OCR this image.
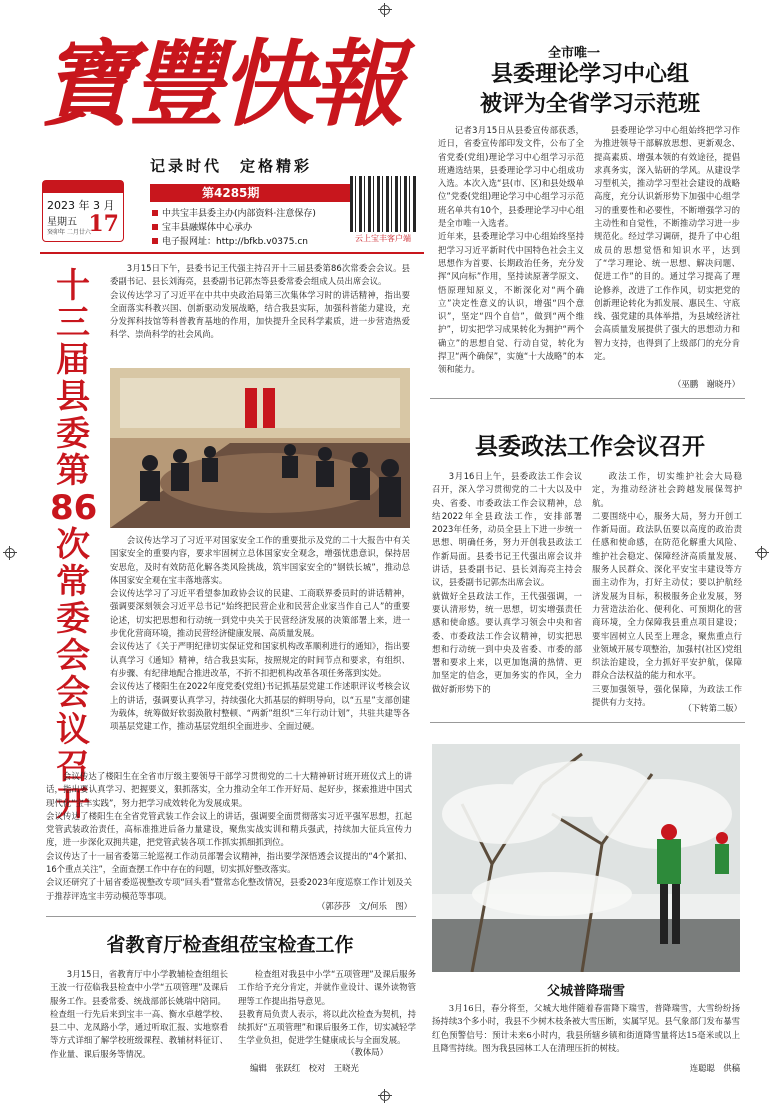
寶豐快報
记录时代　定格精彩
2023 年 3 月
星期五
癸卯年 二月廿六
17
第4285期
中共宝丰县委主办(内部资料·注意保存)
宝丰县融媒体中心承办
电子报网址：http://bfkb.v0375.cn	云上宝丰客户端
全市唯一
县委理论学习中心组
被评为全省学习示范班
记者3月15日从县委宣传部获悉，近日，省委宣传部印发文件，公布了全省党委(党组)理论学习中心组学习示范班遴选结果，县委理论学习中心组成功入选。本次入选“县(市、区)和县处级单位”党委(党组)理论学习中心组学习示范班名单共有10个，县委理论学习中心组是全市唯一入选者。
近年来，县委理论学习中心组始终坚持把学习习近平新时代中国特色社会主义思想作为首要、长期政治任务，充分发挥“风向标”作用，坚持读原著学原文、悟原理知原义，不断深化对“两个确立”决定性意义的认识，增强“四个意识”，坚定“四个自信”，做到“两个维护”，切实把学习成果转化为拥护“两个确立”的思想自觉、行动自觉，转化为捍卫“两个确保”，实施“十大战略”的本领和能力。
县委理论学习中心组始终把学习作为推进领导干部解放思想、更新观念、提高素质、增强本领的有效途径，提倡求真务实，深入钻研的学风。从建设学习型机关，推动学习型社会建设的战略高度，充分认识新形势下加强中心组学习的重要性和必要性，不断增强学习的主动性和自觉性，不断推动学习进一步规范化。经过学习调研，提升了中心组成员的思想觉悟和知识水平，达到了“学习理论、统一思想、解决问题、促进工作”的目的。通过学习提高了理论修养，改进了工作作风，切实把党的创新理论转化为抓发展、惠民生、守底线、强党建的具体举措，为县域经济社会高质量发展提供了强大的思想动力和智力支持，也得到了上级部门的充分肯定。
（巫鹏　谢晓丹）
十三届县委第86次常委会会议召开
3月15日下午，县委书记王代强主持召开十三届县委第86次常委会会议。县委副书记、县长刘海亮，县委副书记郭杰等县委常委会组成人员出席会议。
会议传达学习了习近平在中共中央政治局第三次集体学习时的讲话精神，指出要全面落实科教兴国、创新驱动发展战略，结合我县实际，加强科普能力建设，充分发挥科技馆等科普教育基地的作用，加快提升全民科学素质，进一步营造热爱科学、崇尚科学的社会风尚。
会议传达学习了习近平对国家安全工作的重要批示及党的二十大报告中有关国家安全的重要内容，要求牢固树立总体国家安全观念，增强忧患意识，保持居安思危，及时有效防范化解各类风险挑战，筑牢国家安全的“钢铁长城”，推动总体国家安全观在宝丰落地落实。
会议传达学习了习近平看望参加政协会议的民建、工商联界委员时的讲话精神，强调要深刻领会习近平总书记“始终把民营企业和民营企业家当作自己人”的重要论述，切实把思想和行动统一到党中央关于民营经济发展的决策部署上来，进一步优化营商环境，推动民营经济健康发展、高质量发展。
会议传达了《关于严明纪律切实保证党和国家机构改革顺利进行的通知》，指出要认真学习《通知》精神，结合我县实际，按照规定的时间节点和要求，有组织、有步骤、有纪律地配合推进改革，不折不扣把机构改革各项任务落到实处。
会议传达了楼阳生在2022年度党委(党组)书记抓基层党建工作述职评议考核会议上的讲话，强调要认真学习，持续强化大抓基层的鲜明导向，以“五星”支部创建为载体，统筹做好软弱涣散村整顿、“两新”组织“三年行动计划”，共驻共建等各项基层党建工作，推动基层党组织全面进步、全面过硬。
会议传达了楼阳生在全省市厅级主要领导干部学习贯彻党的二十大精神研讨班开班仪式上的讲话，指出要认真学习、把握要义，狠抓落实，全力推动全年工作开好局、起好步，探索推进中国式现代化“宝丰实践”，努力把学习成效转化为发展成果。
会议传达了楼阳生在全省党管武装工作会议上的讲话，强调要全面贯彻落实习近平强军思想，扛起党管武装政治责任，高标准推进后备力量建设，聚焦实战实训和精兵强武，持续加大征兵宣传力度，进一步深化双拥共建，把党管武装各项工作抓实抓细抓到位。
会议传达了十一届省委第三轮巡视工作动员部署会议精神，指出要学深悟透会议提出的“4个紧扣、16个重点关注”，全面查摆工作中存在的问题，切实抓好整改落实。
会议还研究了十届省委巡视整改专项“回头看”暨常态化整改情况，县委2023年度巡察工作计划及关于推荐评选宝丰劳动模范等事项。
（郭莎莎　文/何乐　图）
县委政法工作会议召开
3月16日上午，县委政法工作会议召开，深入学习贯彻党的二十大以及中央、省委、市委政法工作会议精神，总结2022年全县政法工作，安排部署2023年任务，动员全县上下进一步统一思想、明确任务，努力开创我县政法工作新局面。县委书记王代强出席会议并讲话，县委副书记、县长刘海亮主持会议，县委副书记郭杰出席会议。
就做好全县政法工作，王代强强调，一要认清形势，统一思想，切实增强责任感和使命感。要认真学习领会中央和省委、市委政法工作会议精神，切实把思想和行动统一到中央及省委、市委的部署和要求上来，以更加饱满的热情、更加坚定的信念，更加务实的作风，全力做好新形势下的
政法工作，切实维护社会大局稳定，为推动经济社会跨越发展保驾护航。
二要围绕中心，服务大局，努力开创工作新局面。政法队伍要以高度的政治责任感和使命感，在防范化解重大风险、维护社会稳定、保障经济高质量发展、服务人民群众、深化平安宝丰建设等方面主动作为，打好主动仗；要以护航经济发展为目标，积极服务企业发展，努力营造法治化、便利化、可预期化的营商环境，全力保障我县重点项目建设；要牢固树立人民至上理念，聚焦重点行业领域开展专项整治，加强村(社区)党组织法治建设，全力抓好平安护航，保障群众合法权益的能力和水平。
三要加强领导，强化保障，为政法工作提供有力支持。
（下转第二版）
父城普降瑞雪
3月16日，春分将至，父城大地伴随着春雷降下瑞雪，普降瑞雪，大雪纷纷扬扬持续3个多小时，我县不少树木枝条被大雪压断，实属罕见。县气象部门发布暴雪红色预警信号：预计未来6小时内，我县所辖乡镇和街道降雪量将达15毫米或以上且降雪持续。图为我县园林工人在清理压折的树枝。
连聪聪　供稿
省教育厅检查组莅宝检查工作
3月15日，省教育厅中小学教辅检查组组长王波一行莅临我县检查中小学“五项管理”及课后服务工作。县委常委、统战部部长姚瑞中陪同。
检查组一行先后来到宝丰一高、衡水卓越学校、县二中、龙凤路小学，通过听取汇报、实地察看等方式详细了解学校班级课程、教辅材料征订、作业量、课后服务等情况。
检查组对我县中小学“五项管理”及课后服务工作给予充分肯定，并就作业设计、课外读物管理等工作提出指导意见。
县教育局负责人表示，将以此次检查为契机，持续抓好“五项管理”和课后服务工作，切实减轻学生学业负担，促进学生健康成长与全面发展。
（教体局）
编辑　张跃红　校对　王晓光
